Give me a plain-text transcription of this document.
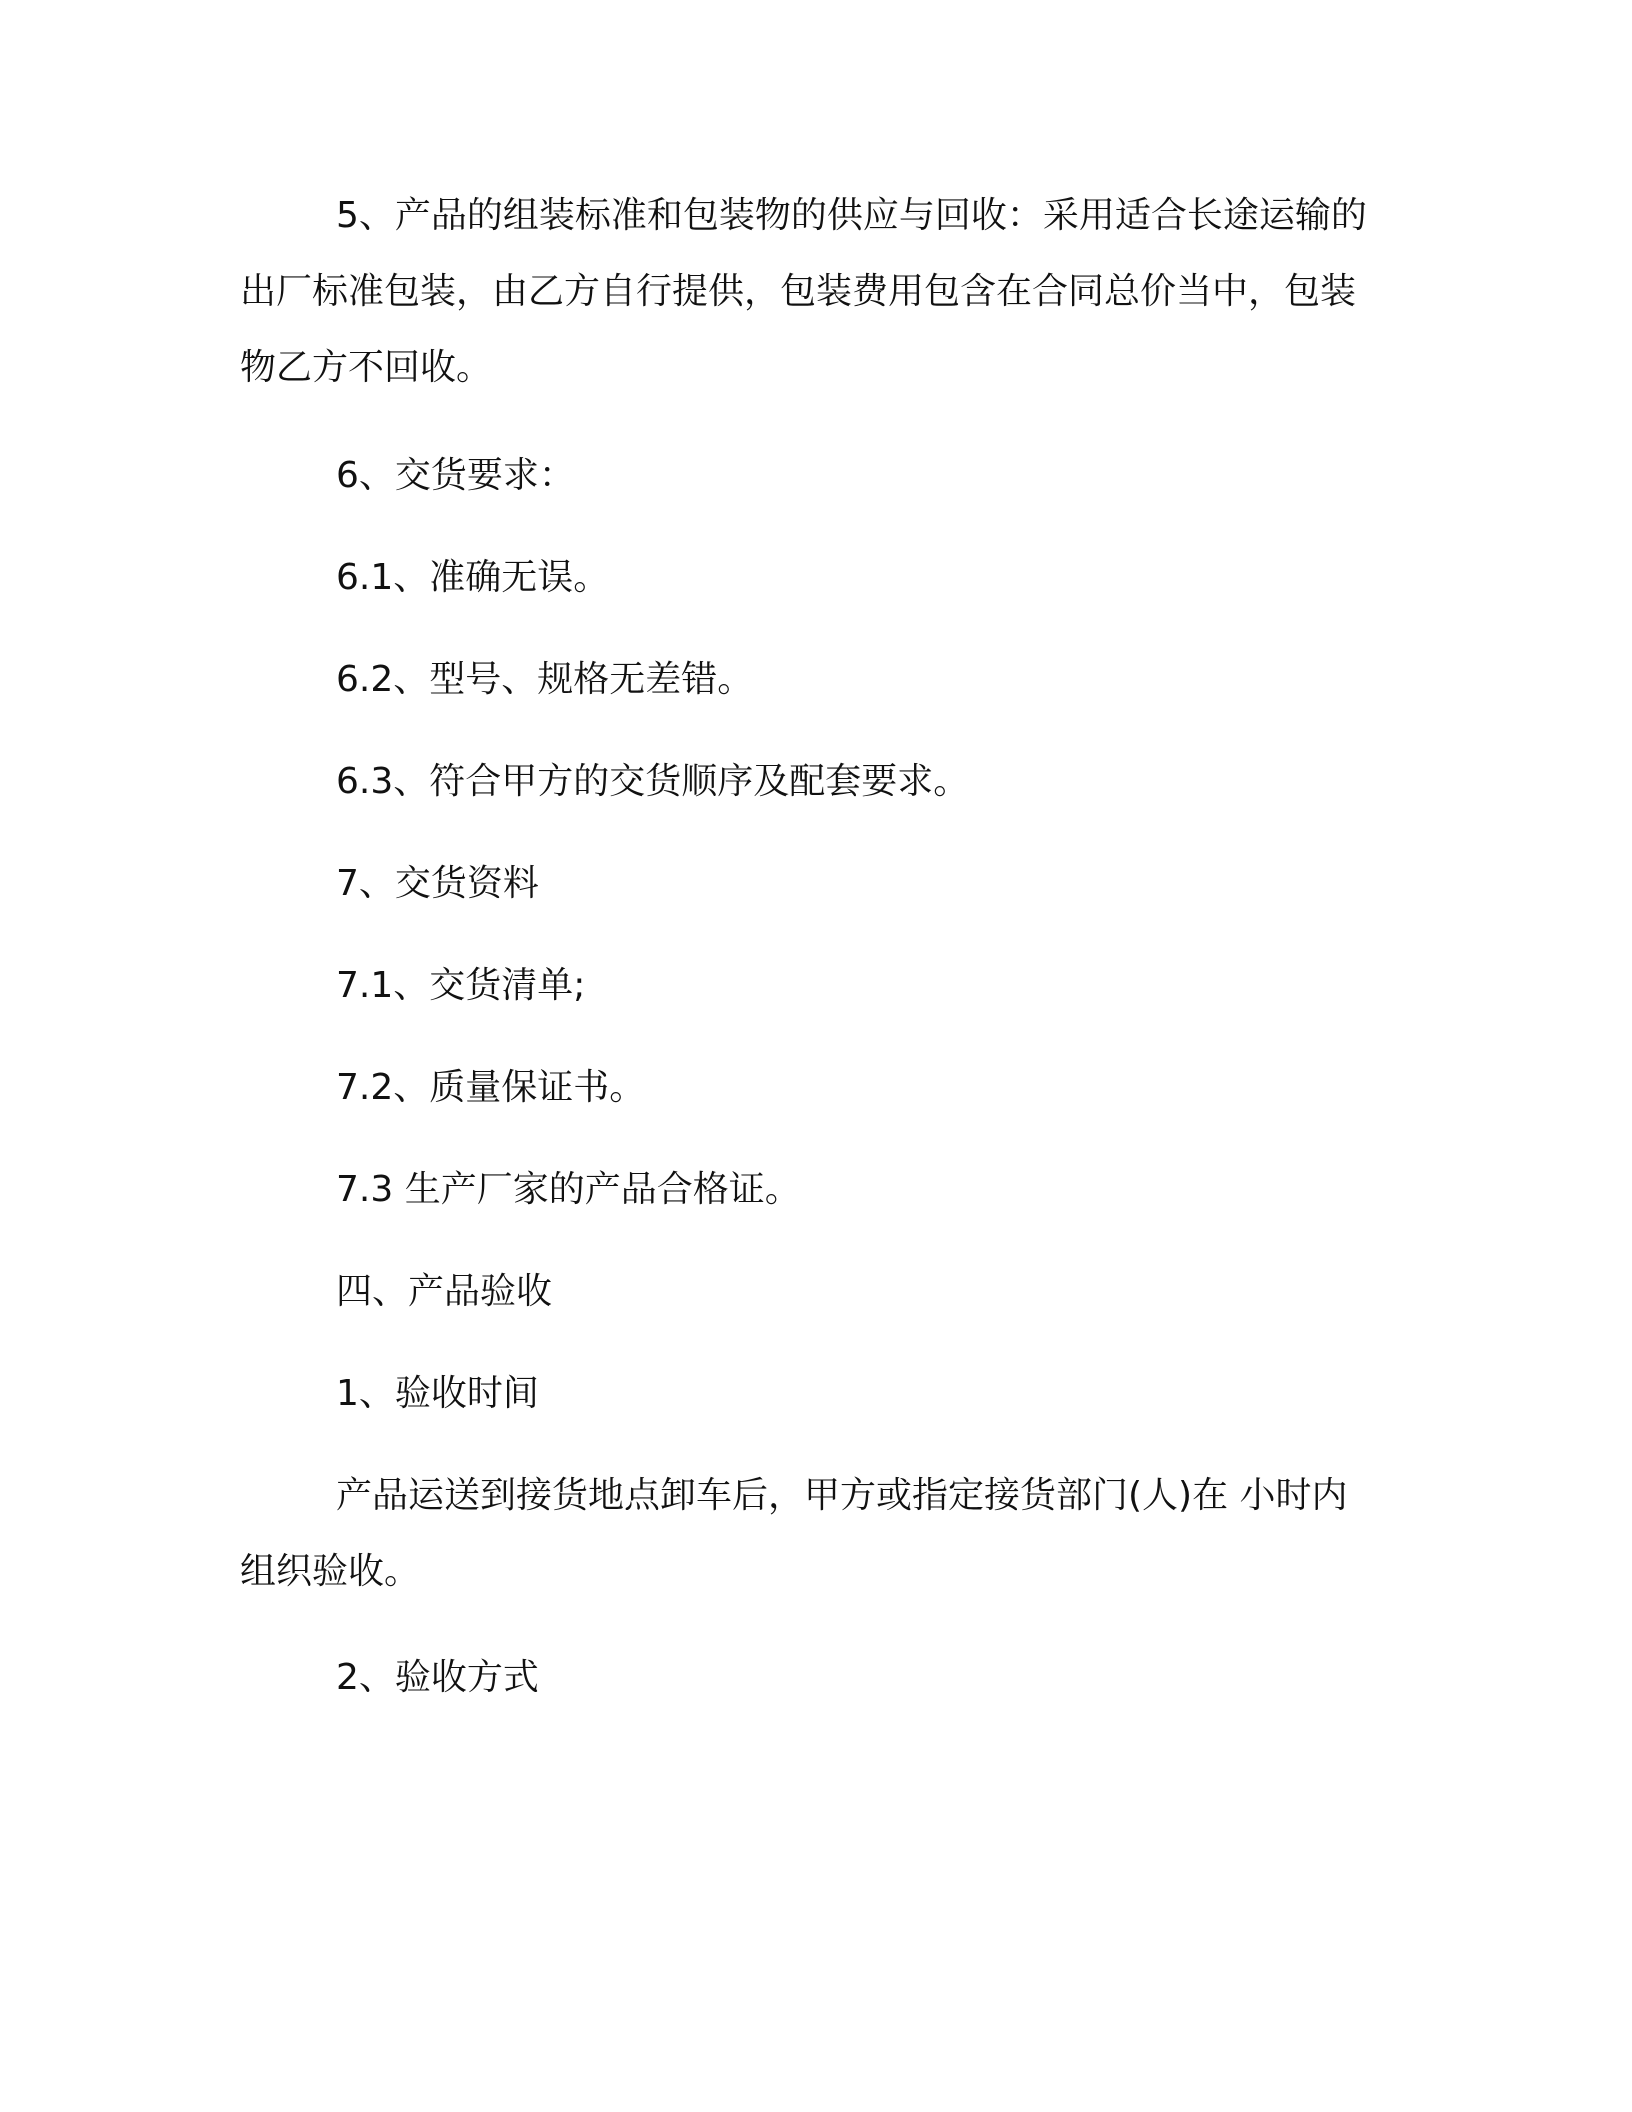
5、产品的组装标准和包装物的供应与回收：采用适合长途运输的出厂标准包装，由乙方自行提供，包装费用包含在合同总价当中，包装物乙方不回收。

6、交货要求：

6.1、准确无误。

6.2、型号、规格无差错。

6.3、符合甲方的交货顺序及配套要求。

7、交货资料

7.1、交货清单;

7.2、质量保证书。

7.3 生产厂家的产品合格证。

四、产品验收

1、验收时间

产品运送到接货地点卸车后，甲方或指定接货部门(人)在 小时内组织验收。

2、验收方式
